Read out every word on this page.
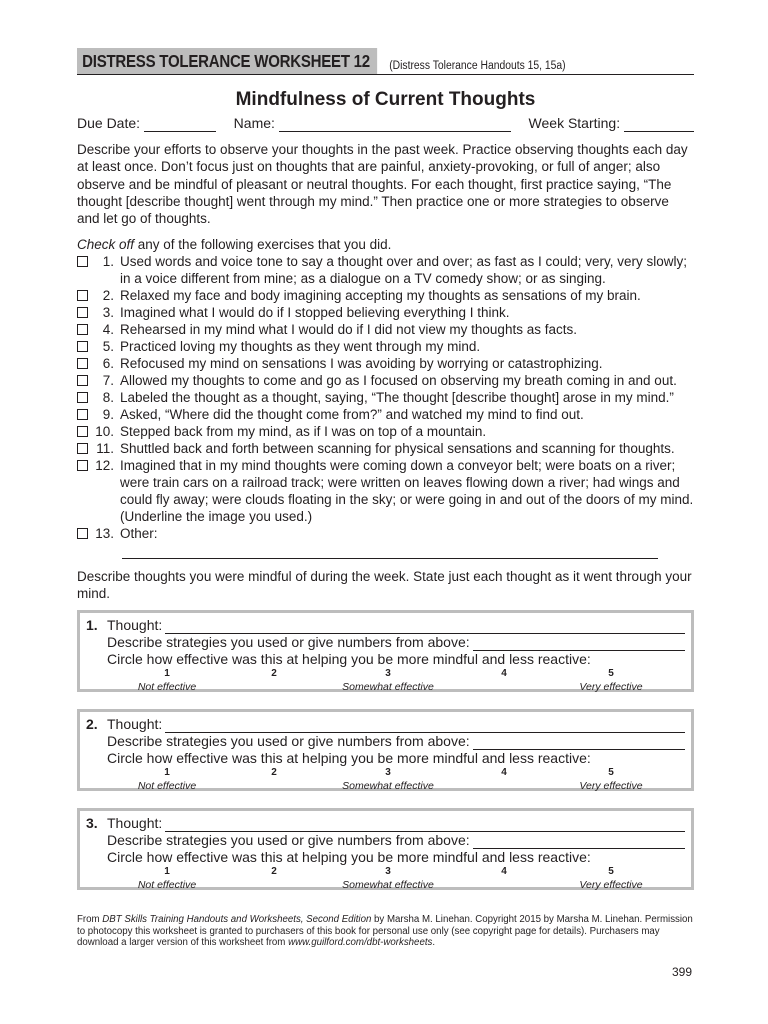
DISTRESS TOLERANCE WORKSHEET 12	(Distress Tolerance Handouts 15, 15a)
Mindfulness of Current Thoughts
Due Date:	Name:	Week Starting:
Describe your efforts to observe your thoughts in the past week. Practice observing thoughts each day at least once. Don’t focus just on thoughts that are painful, anxiety-provoking, or full of anger; also observe and be mindful of pleasant or neutral thoughts. For each thought, first practice saying, “The thought [describe thought] went through my mind.” Then practice one or more strategies to observe and let go of thoughts.
Check off any of the following exercises that you did.
1. Used words and voice tone to say a thought over and over; as fast as I could; very, very slowly; in a voice different from mine; as a dialogue on a TV comedy show; or as singing.
2. Relaxed my face and body imagining accepting my thoughts as sensations of my brain.
3. Imagined what I would do if I stopped believing everything I think.
4. Rehearsed in my mind what I would do if I did not view my thoughts as facts.
5. Practiced loving my thoughts as they went through my mind.
6. Refocused my mind on sensations I was avoiding by worrying or catastrophizing.
7. Allowed my thoughts to come and go as I focused on observing my breath coming in and out.
8. Labeled the thought as a thought, saying, “The thought [describe thought] arose in my mind.”
9. Asked, “Where did the thought come from?” and watched my mind to find out.
10. Stepped back from my mind, as if I was on top of a mountain.
11. Shuttled back and forth between scanning for physical sensations and scanning for thoughts.
12. Imagined that in my mind thoughts were coming down a conveyor belt; were boats on a river; were train cars on a railroad track; were written on leaves flowing down a river; had wings and could fly away; were clouds floating in the sky; or were going in and out of the doors of my mind. (Underline the image you used.)
13. Other:
Describe thoughts you were mindful of during the week. State just each thought as it went through your mind.
1. Thought:
Describe strategies you used or give numbers from above:
Circle how effective was this at helping you be more mindful and less reactive:
1	2	3	4	5
Not effective	Somewhat effective	Very effective
2. Thought:
Describe strategies you used or give numbers from above:
Circle how effective was this at helping you be more mindful and less reactive:
1	2	3	4	5
Not effective	Somewhat effective	Very effective
3. Thought:
Describe strategies you used or give numbers from above:
Circle how effective was this at helping you be more mindful and less reactive:
1	2	3	4	5
Not effective	Somewhat effective	Very effective
From DBT Skills Training Handouts and Worksheets, Second Edition by Marsha M. Linehan. Copyright 2015 by Marsha M. Linehan. Permission to photocopy this worksheet is granted to purchasers of this book for personal use only (see copyright page for details). Purchasers may download a larger version of this worksheet from www.guilford.com/dbt-worksheets.
399
